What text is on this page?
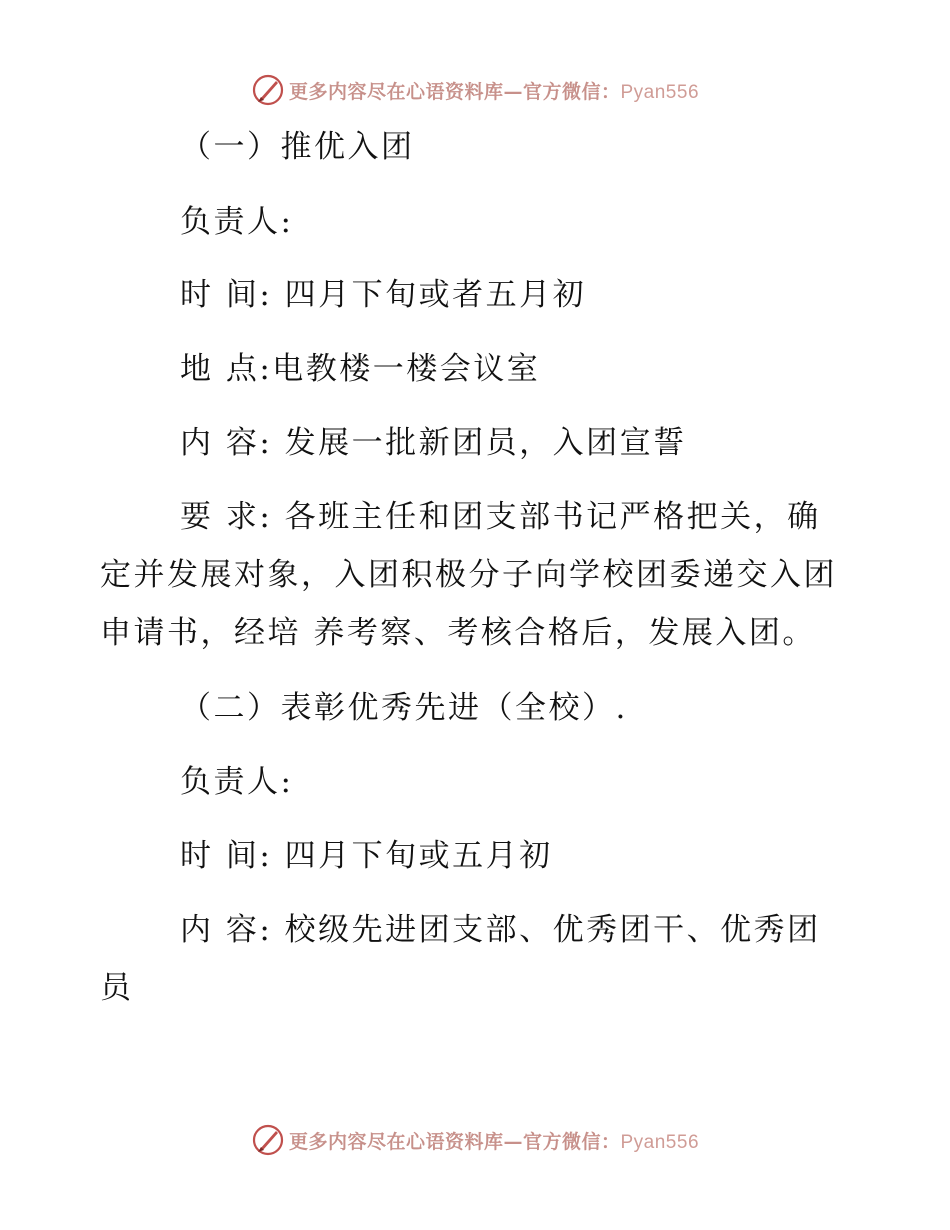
更多内容尽在心语资料库—官方微信：Pyan556
（一）推优入团
负责人:
时 间: 四月下旬或者五月初
地 点:电教楼一楼会议室
内 容: 发展一批新团员，入团宣誓
要 求: 各班主任和团支部书记严格把关，确
定并发展对象，入团积极分子向学校团委递交入团
申请书，经培 养考察、考核合格后，发展入团。
（二）表彰优秀先进（全校）.
负责人:
时 间: 四月下旬或五月初
内 容: 校级先进团支部、优秀团干、优秀团
员
更多内容尽在心语资料库—官方微信：Pyan556
